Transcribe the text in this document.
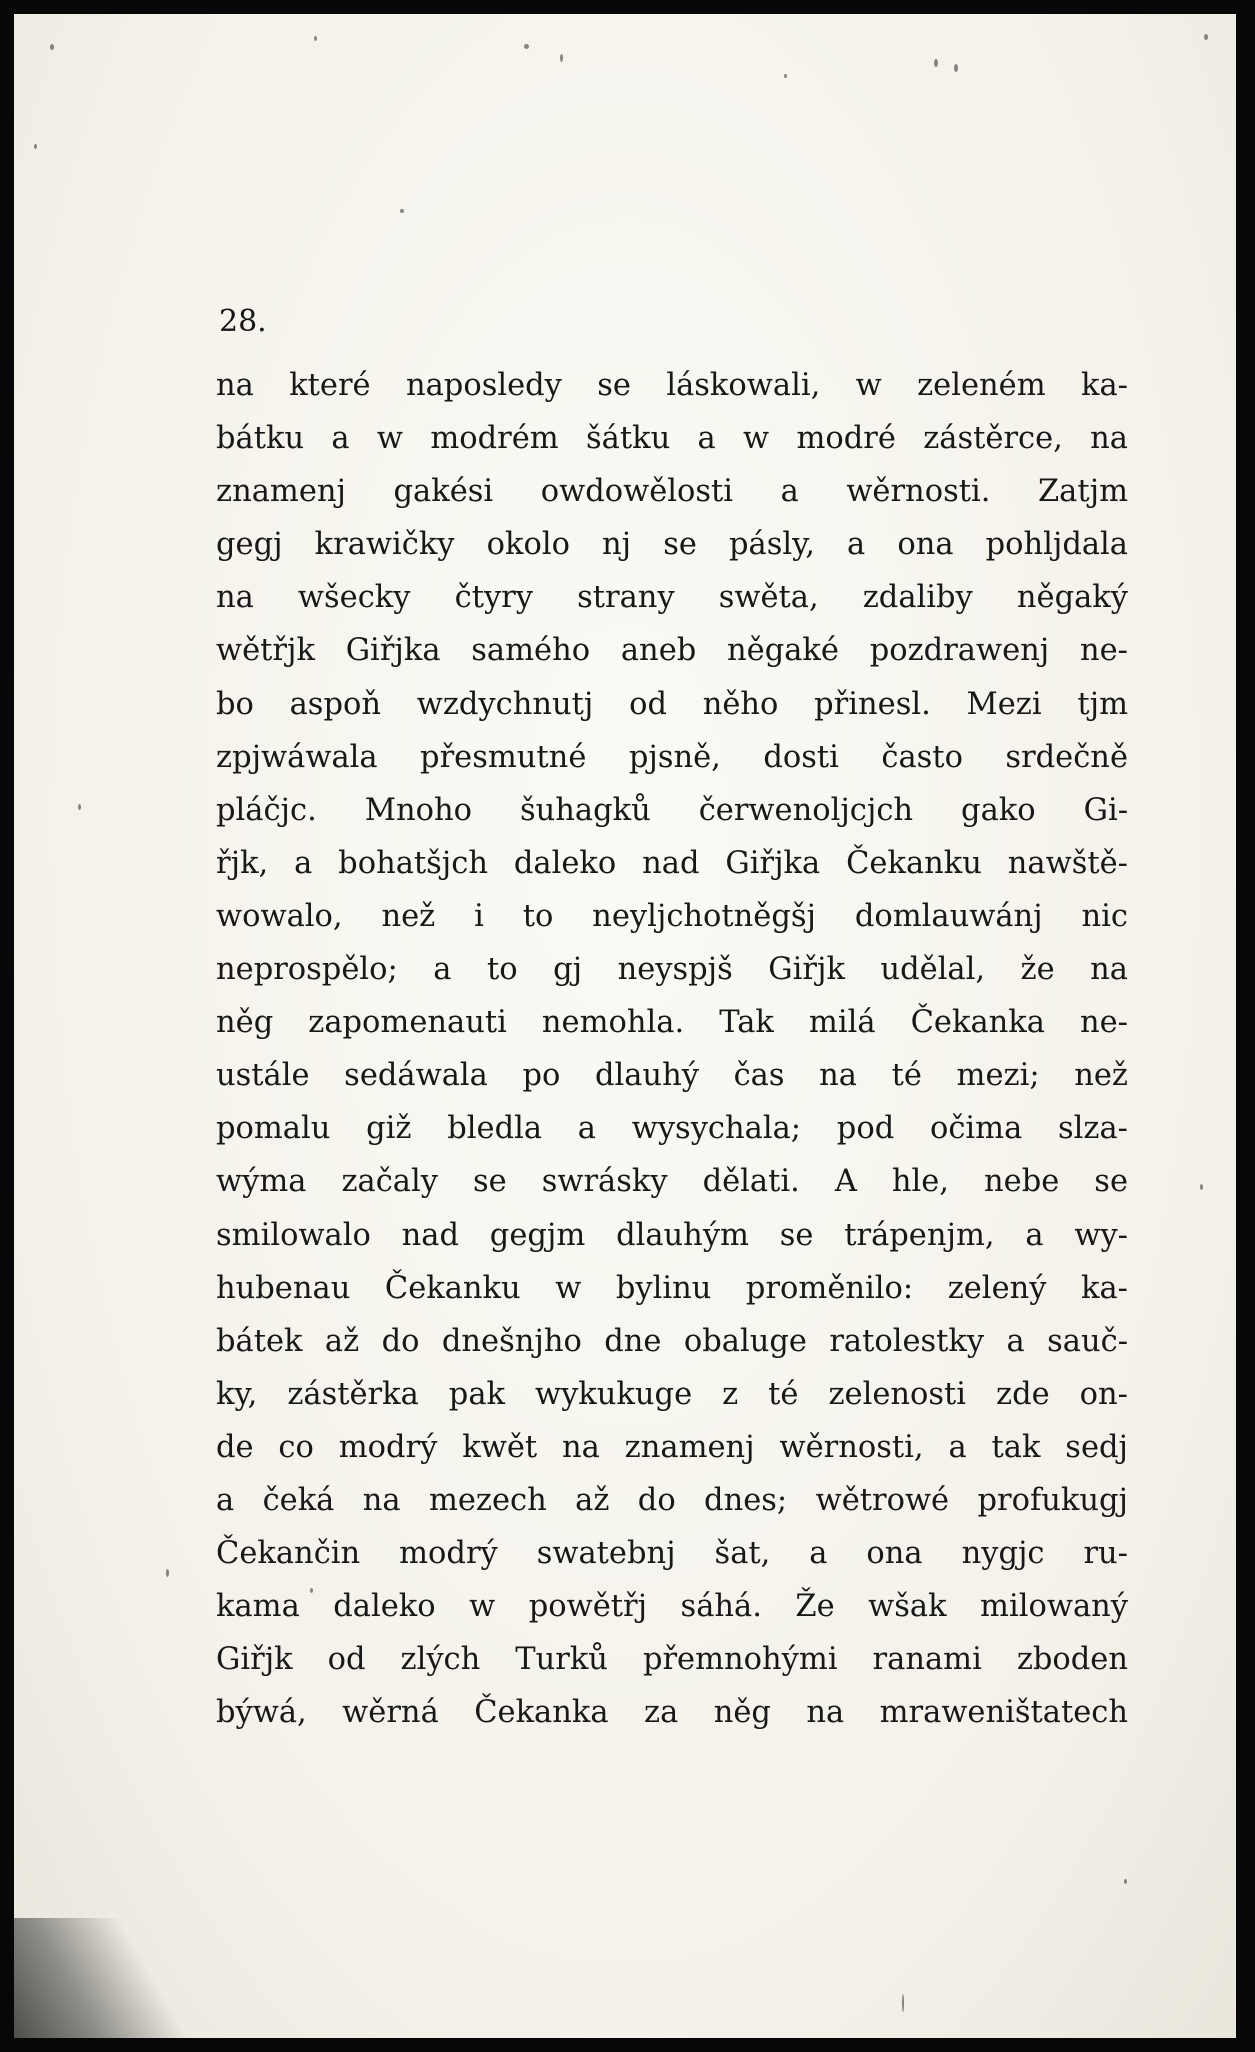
28.
na které naposledy se láskowali, w zeleném ka-
bátku a w modrém šátku a w modré zástěrce, na
znamenj gakési owdowělosti a wěrnosti. Zatjm
gegj krawičky okolo nj se pásly, a ona pohljdala
na wšecky čtyry strany swěta, zdaliby něgaký
wětřjk Giřjka samého aneb něgaké pozdrawenj ne-
bo aspoň wzdychnutj od něho přinesl. Mezi tjm
zpjwáwala přesmutné pjsně, dosti často srdečně
pláčjc. Mnoho šuhagků čerwenoljcjch gako Gi-
řjk, a bohatšjch daleko nad Giřjka Čekanku nawště-
wowalo, než i to neyljchotněgšj domlauwánj nic
neprospělo; a to gj neyspjš Giřjk udělal, že na
něg zapomenauti nemohla. Tak milá Čekanka ne-
ustále sedáwala po dlauhý čas na té mezi; než
pomalu giž bledla a wysychala; pod očima slza-
wýma začaly se swrásky dělati. A hle, nebe se
smilowalo nad gegjm dlauhým se trápenjm, a wy-
hubenau Čekanku w bylinu proměnilo: zelený ka-
bátek až do dnešnjho dne obaluge ratolestky a sauč-
ky, zástěrka pak wykukuge z té zelenosti zde on-
de co modrý kwět na znamenj wěrnosti, a tak sedj
a čeká na mezech až do dnes; wětrowé profukugj
Čekančin modrý swatebnj šat, a ona nygjc ru-
kama daleko w powětřj sáhá. Že wšak milowaný
Giřjk od zlých Turků přemnohými ranami zboden
býwá, wěrná Čekanka za něg na mraweništatech
